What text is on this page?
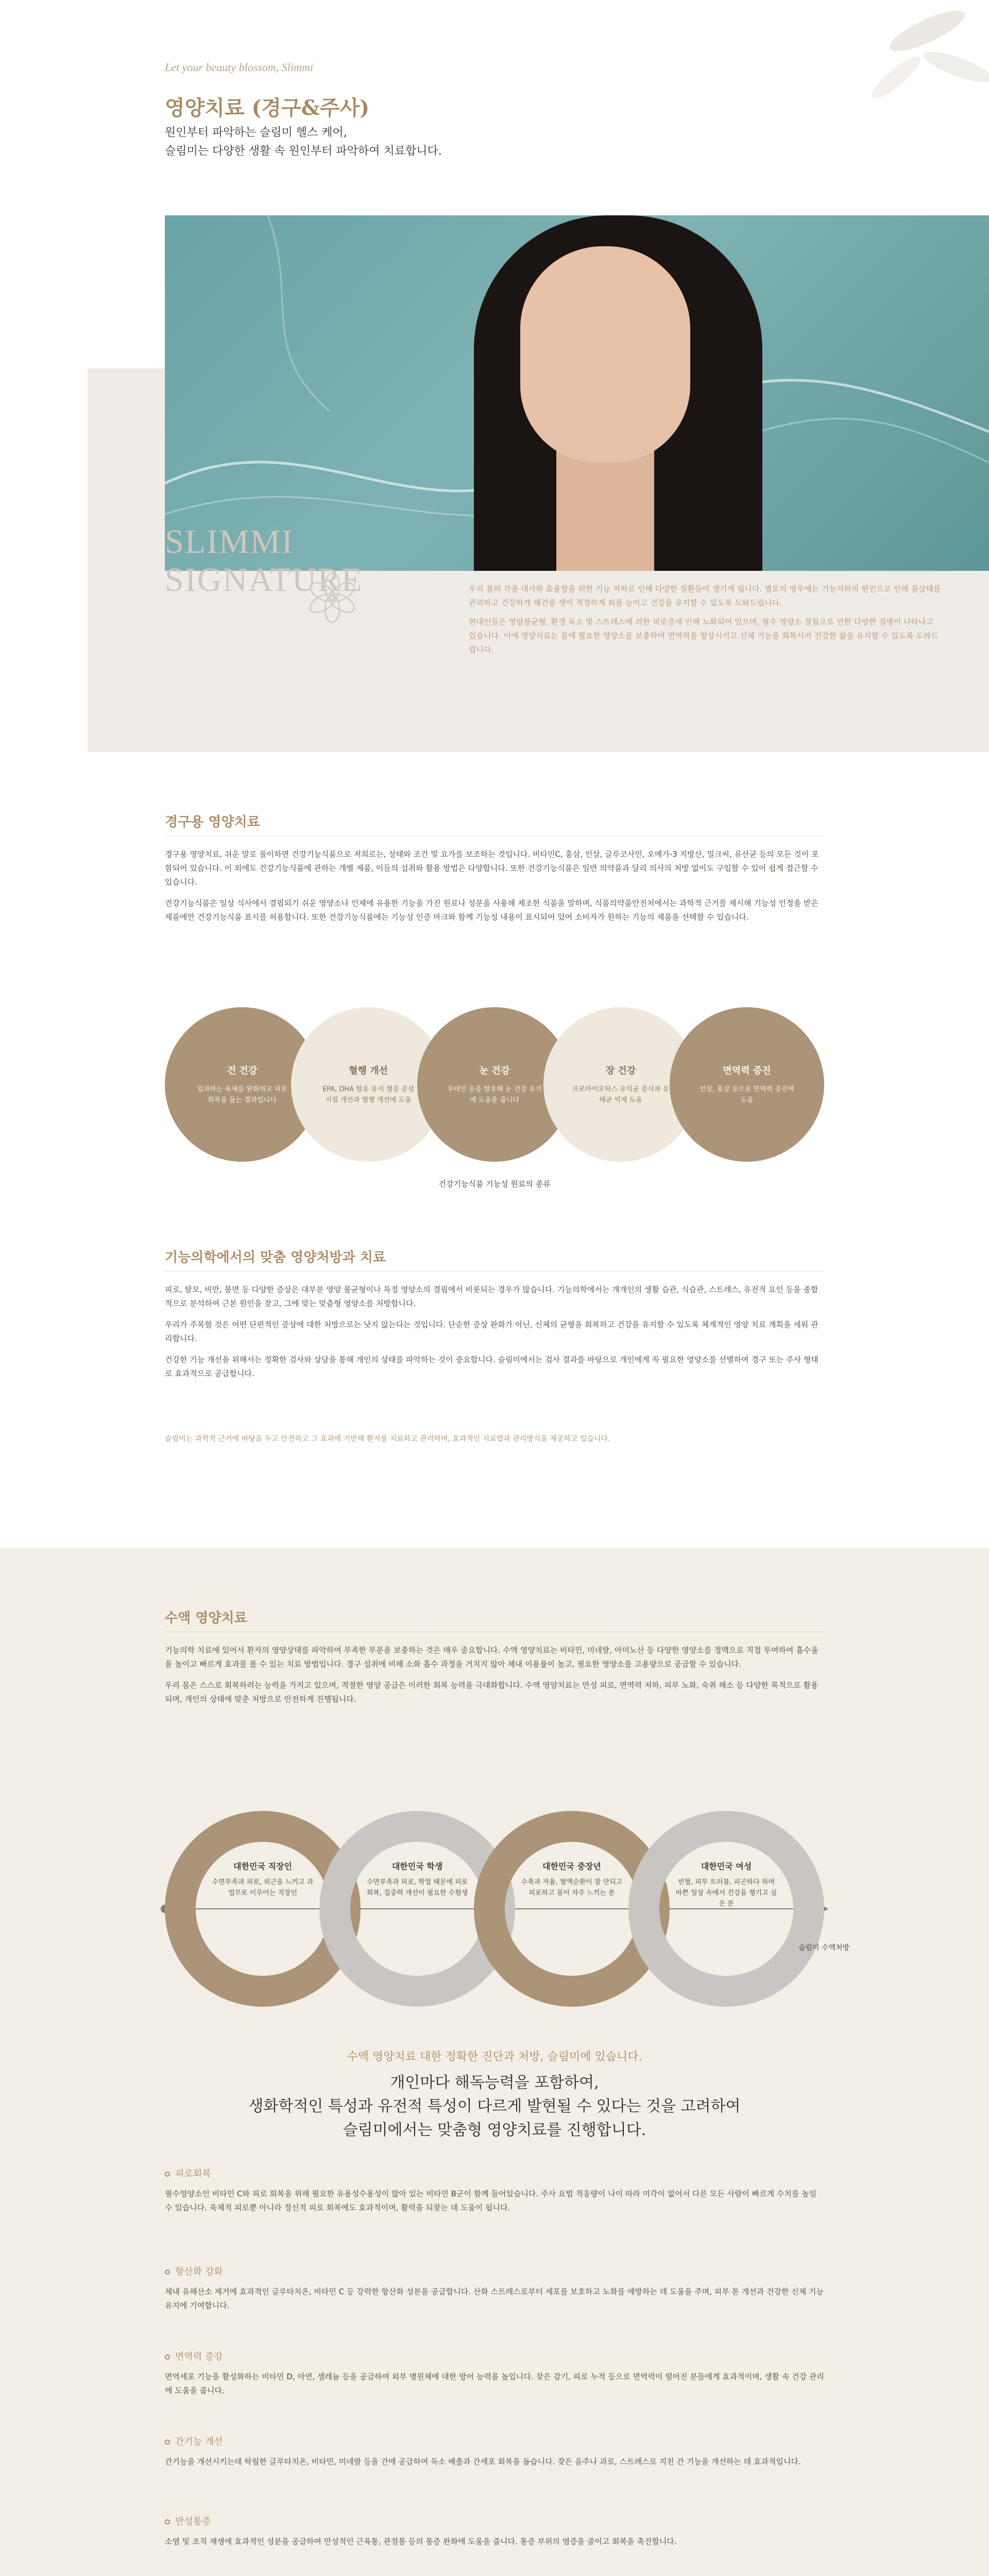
Let your beauty blossom, Slimmi
영양치료 (경구&주사)
원인부터 파악하는 슬림미 헬스 케어,
슬림미는 다양한 생활 속 원인부터 파악하여 치료합니다.
SLIMMI
SIGNATURE	우리 몸의 각종 대사와 효율향을 위한 기능 저하로 인해 다양한 질환들이 생기게 됩니다. 별로의 영우에는 기능저하의 원인으로 인해 몸상태를 관리하고 건강하게 해건을 생아 적정하게 외볼 능이고 건강을 유지할 수 있도록 도와드립니다.

현대인들은 영양불균형, 환경 독소 및 스트레스에 의한 피로증세 인해 노화되어 있으며, 필수 영양소 결핍으로 인한 다양한 질병이 나타나고 있습니다. 이에 영양치료는 몸에 필요한 영양소를 보충하여 면역력을 향상시키고 신체 기능을 회복시켜 건강한 삶을 유지할 수 있도록 도와드립니다.

경구용 영양치료

경구용 영양치료, 쉬운 말로 풀이하면 건강기능식품으로 저희로는, 상태와 조건 및 요가를 보조하는 것입니다. 비타민C, 홍삼, 인삼, 글루코사민, 오메가-3 지방산, 밀크씨, 유산균 등의 모든 것이 포함되어 있습니다. 이 외에도 건강기능식품에 관하는 개별 제품, 이들의 섭취와 활용 방법은 다양합니다. 또한 건강기능식품은 일반 의약품과 달리 의사의 처방 없이도 구입할 수 있어 쉽게 접근할 수 있습니다.

건강기능식품은 일상 식사에서 결핍되기 쉬운 영양소나 인체에 유용한 기능을 가진 원료나 성분을 사용해 제조한 식품을 말하며, 식품의약품안전처에서는 과학적 근거를 제시해 기능성 인정을 받은 제품에만 건강기능식품 표시를 허용합니다. 또한 건강기능식품에는 기능성 인증 마크와 함께 기능성 내용이 표시되어 있어 소비자가 원하는 기능의 제품을 선택할 수 있습니다.

건 건강
일과하는 육체를 완화하고 피로 회복을 돕는 결과입니다
혈행 개선
EPA, DHA 함유 유지 혈중 중성지질 개선과 혈행 개선에 도움
눈 건강
루테인 등을 함유해 눈 건강 유지에 도움을 줍니다
장 건강
프로바이오틱스 유익균 증식과 유해균 억제 도움
면역력 증진
인삼, 홍삼 등으로 면역력 증진에 도움
건강기능식품 기능성 원료의 종류
기능의학에서의 맞춤 영양처방과 치료

피로, 탈모, 비만, 불면 등 다양한 증상은 대부분 영양 불균형이나 특정 영양소의 결핍에서 비롯되는 경우가 많습니다. 기능의학에서는 개개인의 생활 습관, 식습관, 스트레스, 유전적 요인 등을 종합적으로 분석하여 근본 원인을 찾고, 그에 맞는 맞춤형 영양소를 처방합니다.

우리가 주목할 것은 어떤 단편적인 증상에 대한 처방으로는 낫지 않는다는 것입니다. 단순한 증상 완화가 아닌, 신체의 균형을 회복하고 건강을 유지할 수 있도록 체계적인 영양 치료 계획을 세워 관리합니다.

건강한 기능 개선을 위해서는 정확한 검사와 상담을 통해 개인의 상태를 파악하는 것이 중요합니다. 슬림미에서는 검사 결과를 바탕으로 개인에게 꼭 필요한 영양소를 선별하여 경구 또는 주사 형태로 효과적으로 공급합니다.

슬림미는 과학적 근거에 바탕을 두고 안전하고 그 효과에 기반해 환자를 치료하고 관리하며, 효과적인 치료법과 관리방식을 제공하고 있습니다.
수액 영양치료

기능의학 치료에 있어서 환자의 영양상태를 파악하여 부족한 부분을 보충하는 것은 매우 중요합니다. 수액 영양치료는 비타민, 미네랄, 아미노산 등 다양한 영양소를 정맥으로 직접 투여하여 흡수율을 높이고 빠르게 효과를 볼 수 있는 치료 방법입니다. 경구 섭취에 비해 소화 흡수 과정을 거치지 않아 체내 이용률이 높고, 필요한 영양소를 고용량으로 공급할 수 있습니다.

우리 몸은 스스로 회복하려는 능력을 가지고 있으며, 적절한 영양 공급은 이러한 회복 능력을 극대화합니다. 수액 영양치료는 만성 피로, 면역력 저하, 피부 노화, 숙취 해소 등 다양한 목적으로 활용되며, 개인의 상태에 맞춘 처방으로 안전하게 진행됩니다.

대한민국 직장인
수면부족과 피로, 외근을 느끼고 과업무로 이루어는 직장인
대한민국 학생
수면부족과 피로, 학업 때문에 피로회복, 집중력 개선이 필요한 수험생
대한민국 중장년
수축과 자율, 혈액순환이 잘 안되고 피로하고 몸이 자주 느끼는 분
대한민국 여성
빈혈, 피부 트러블, 피곤하다 하며 바쁜 일상 속에서 건강을 챙기고 싶은 분
슬림미 수액처방
수액 영양치료 대한 정확한 진단과 처방, 슬림미에 있습니다.
개인마다 해독능력을 포함하여,
생화학적인 특성과 유전적 특성이 다르게 발현될 수 있다는 것을 고려하여
슬림미에서는 맞춤형 영양치료를 진행합니다.
피로회복
필수영양소인 비타민 C와 피로 회복을 위해 필요한 유용성수용성이 많아 있는 비타민 B군이 함께 들어있습니다. 주사 요법 적응량이 나이 따라 미각이 없어서 다른 모든 사람이 빠르게 수치를 높일 수 있습니다. 육체적 피로뿐 아니라 정신적 피로 회복에도 효과적이며, 활력을 되찾는 데 도움이 됩니다.
항산화 강화
체내 유해산소 제거에 효과적인 글루타치온, 비타민 C 등 강력한 항산화 성분을 공급합니다. 산화 스트레스로부터 세포를 보호하고 노화를 예방하는 데 도움을 주며, 피부 톤 개선과 건강한 신체 기능 유지에 기여합니다.
면역력 증강
면역세포 기능을 활성화하는 비타민 D, 아연, 셀레늄 등을 공급하여 외부 병원체에 대한 방어 능력을 높입니다. 잦은 감기, 피로 누적 등으로 면역력이 떨어진 분들에게 효과적이며, 생활 속 건강 관리에 도움을 줍니다.
간기능 개선
간기능을 개선시키는데 탁월한 글루타치온, 비타민, 미네랄 등을 간에 공급하여 독소 배출과 간세포 회복을 돕습니다. 잦은 음주나 과로, 스트레스로 지친 간 기능을 개선하는 데 효과적입니다.
만성통증
소염 및 조직 재생에 효과적인 성분을 공급하여 만성적인 근육통, 관절통 등의 통증 완화에 도움을 줍니다. 통증 부위의 염증을 줄이고 회복을 촉진합니다.
